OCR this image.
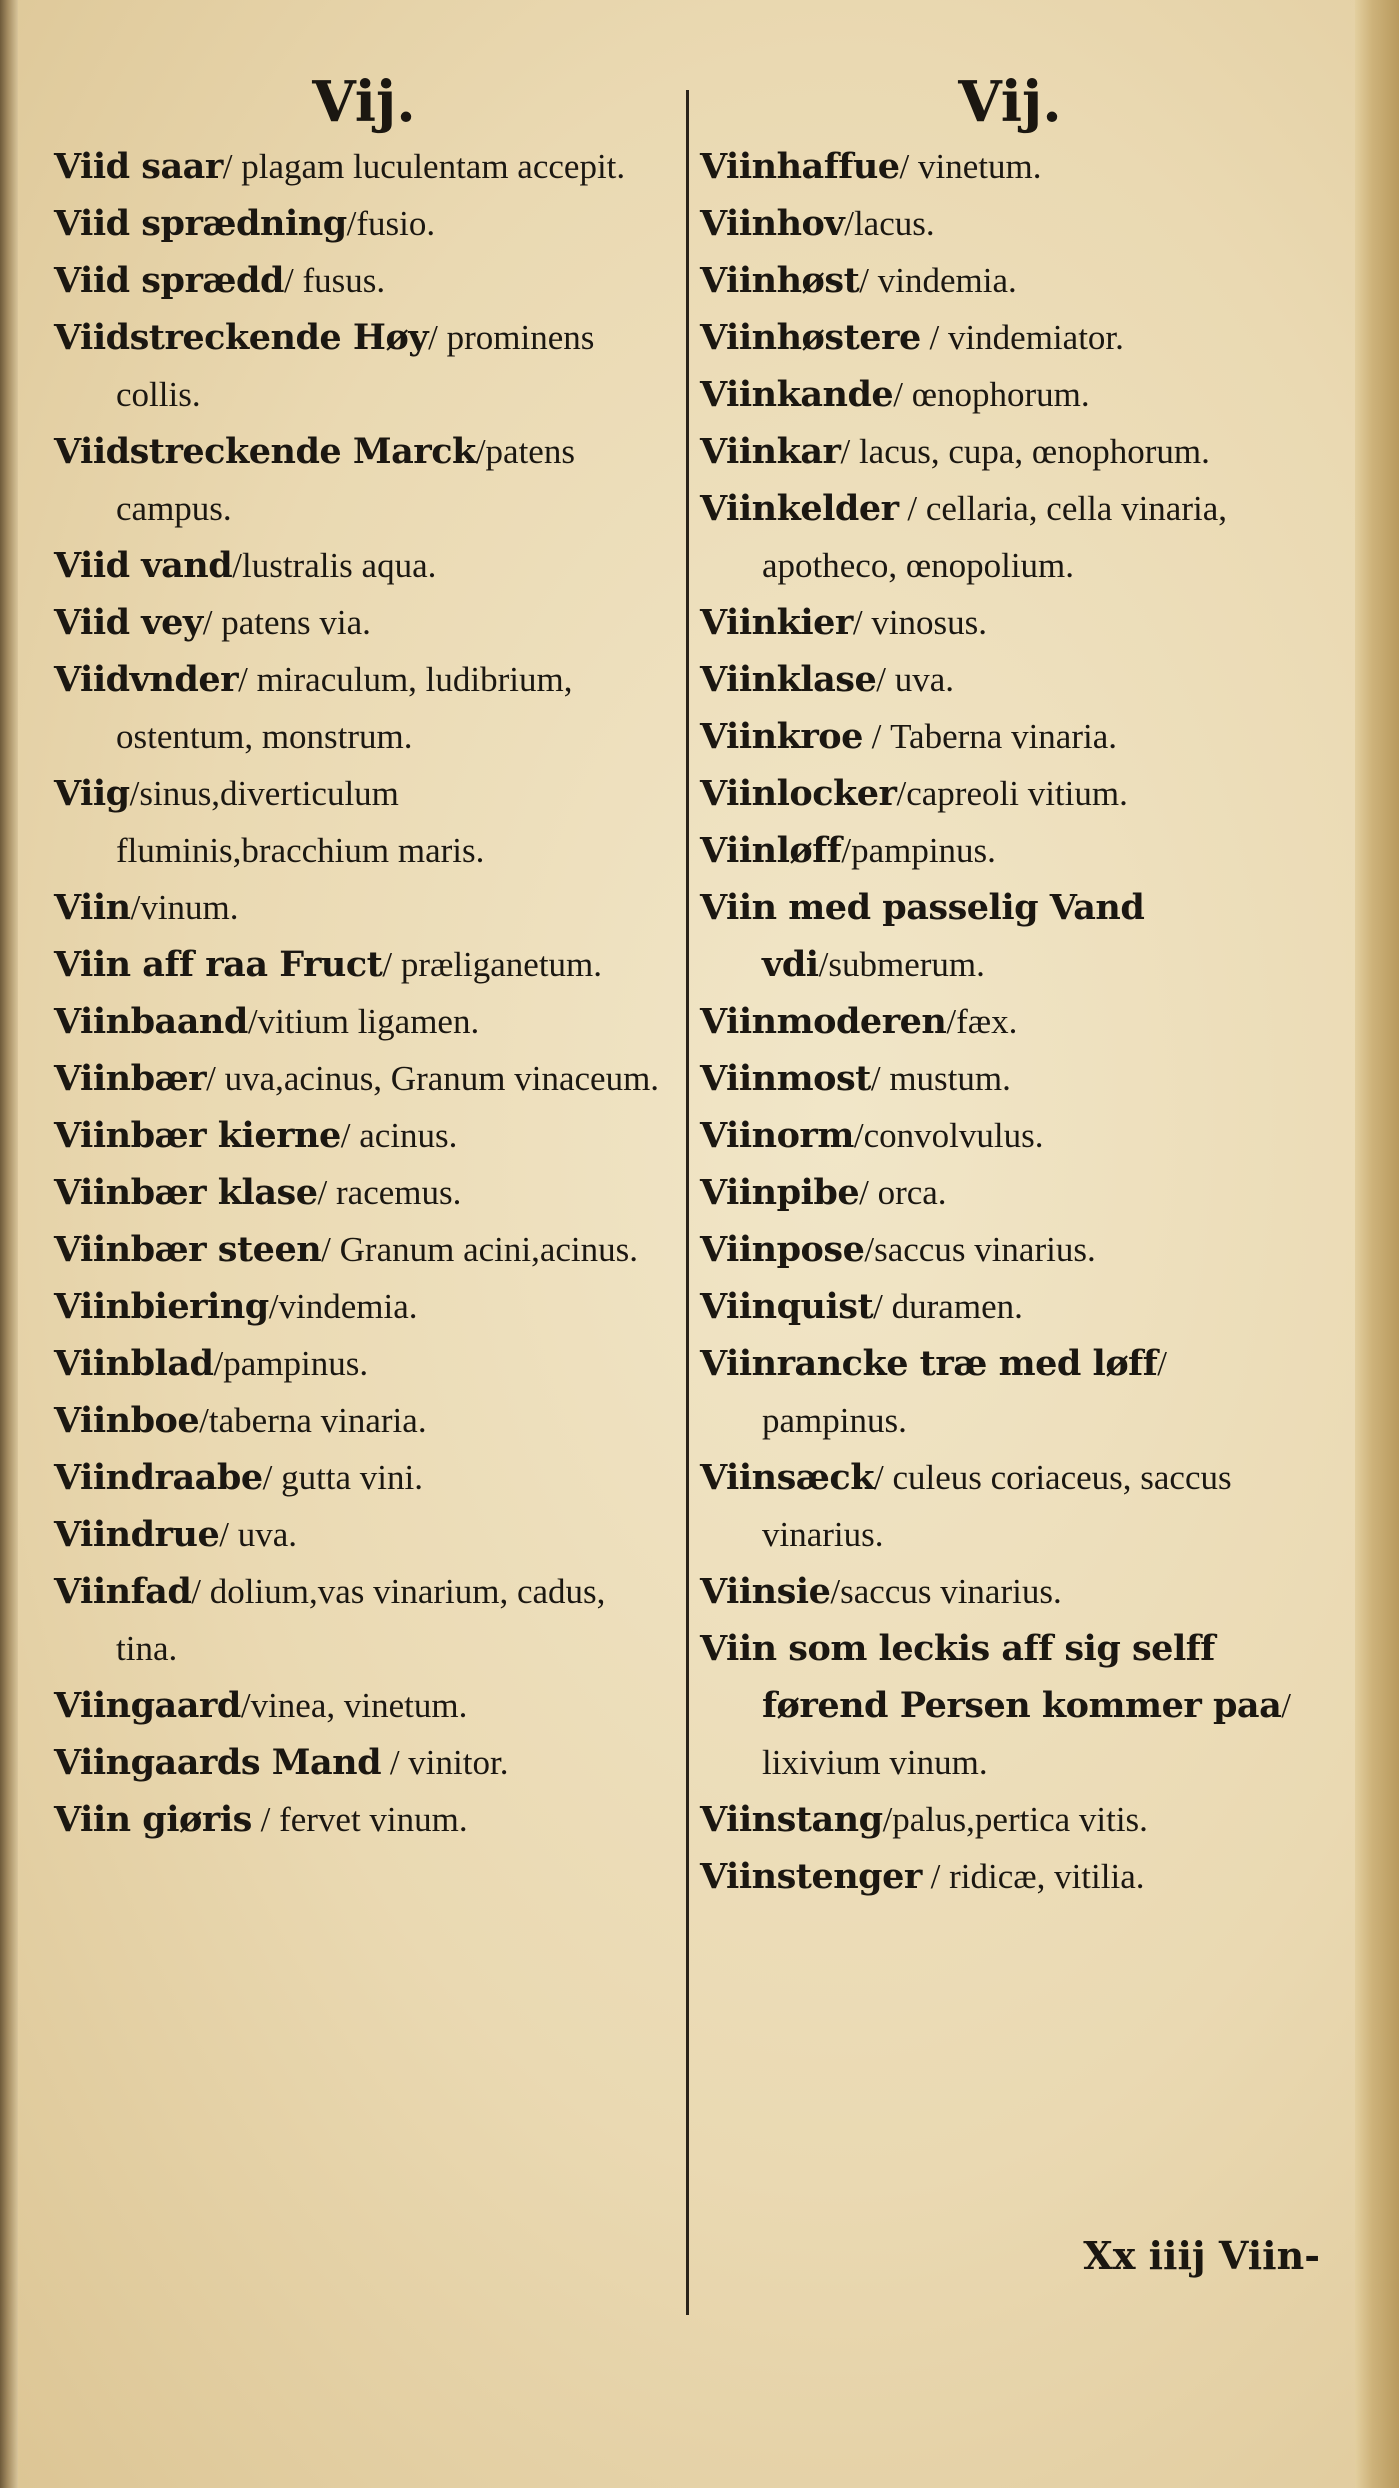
Vij.
Viid saar/ plagam luculentam accepit.
Viid sprædning/fusio.
Viid sprædd/ fusus.
Viidstreckende Høy/ prominens collis.
Viidstreckende Marck/patens campus.
Viid vand/lustralis aqua.
Viid vey/ patens via.
Viidvnder/ miraculum, ludibrium, ostentum, monstrum.
Viig/sinus,diverticulum fluminis,bracchium maris.
Viin/vinum.
Viin aff raa Fruct/ præliganetum.
Viinbaand/vitium ligamen.
Viinbær/ uva,acinus, Granum vinaceum.
Viinbær kierne/ acinus.
Viinbær klase/ racemus.
Viinbær steen/ Granum acini,acinus.
Viinbiering/vindemia.
Viinblad/pampinus.
Viinboe/taberna vinaria.
Viindraabe/ gutta vini.
Viindrue/ uva.
Viinfad/ dolium,vas vinarium, cadus, tina.
Viingaard/vinea, vinetum.
Viingaards Mand / vinitor.
Viin giøris / fervet vinum.
Vij.
Viinhaffue/ vinetum.
Viinhov/lacus.
Viinhøst/ vindemia.
Viinhøstere / vindemiator.
Viinkande/ œnophorum.
Viinkar/ lacus, cupa, œnophorum.
Viinkelder / cellaria, cella vinaria, apotheco, œnopolium.
Viinkier/ vinosus.
Viinklase/ uva.
Viinkroe / Taberna vinaria.
Viinlocker/capreoli vitium.
Viinløff/pampinus.
Viin med passelig Vand vdi/submerum.
Viinmoderen/fæx.
Viinmost/ mustum.
Viinorm/convolvulus.
Viinpibe/ orca.
Viinpose/saccus vinarius.
Viinquist/ duramen.
Viinrancke træ med løff/ pampinus.
Viinsæck/ culeus coriaceus, saccus vinarius.
Viinsie/saccus vinarius.
Viin som leckis aff sig selff førend Persen kommer paa/ lixivium vinum.
Viinstang/palus,pertica vitis.
Viinstenger / ridicæ, vitilia.
Xx iiij Viin-
